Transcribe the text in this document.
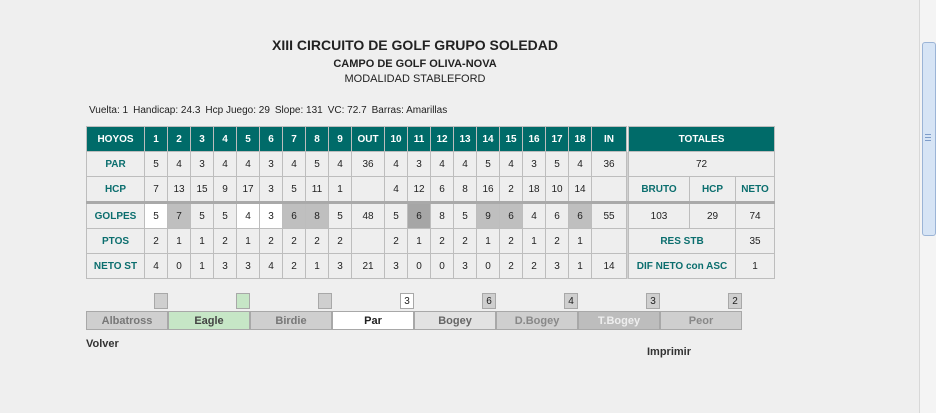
XIII CIRCUITO DE GOLF GRUPO SOLEDAD
CAMPO DE GOLF OLIVA-NOVA
MODALIDAD STABLEFORD
Vuelta: 1 Handicap: 24.3 Hcp Juego: 29 Slope: 131 VC: 72.7 Barras: Amarillas
HOYOS	1	2	3	4	5	6	7	8	9	OUT	10	11	12	13	14	15	16	17	18	IN		TOTALES		
PAR	5	4	3	4	4	3	4	5	4	36	4	3	4	4	5	4	3	5	4	36		72		
HCP	7	13	15	9	17	3	5	11	1		4	12	6	8	16	2	18	10	14			BRUTO	HCP	NETO
GOLPES	5	7	5	5	4	3	6	8	5	48	5	6	8	5	9	6	4	6	6	55		103	29	74
PTOS	2	1	1	2	1	2	2	2	2		2	1	2	2	1	2	1	2	1			RES STB		35
NETO ST	4	0	1	3	3	4	2	1	3	21	3	0	0	3	0	2	2	3	1	14		DIF NETO con ASC		1
Albatross	Eagle	Birdie	Par
3
Bogey
6
D.Bogey
4
T.Bogey
3
Peor
2
Volver
Imprimir
